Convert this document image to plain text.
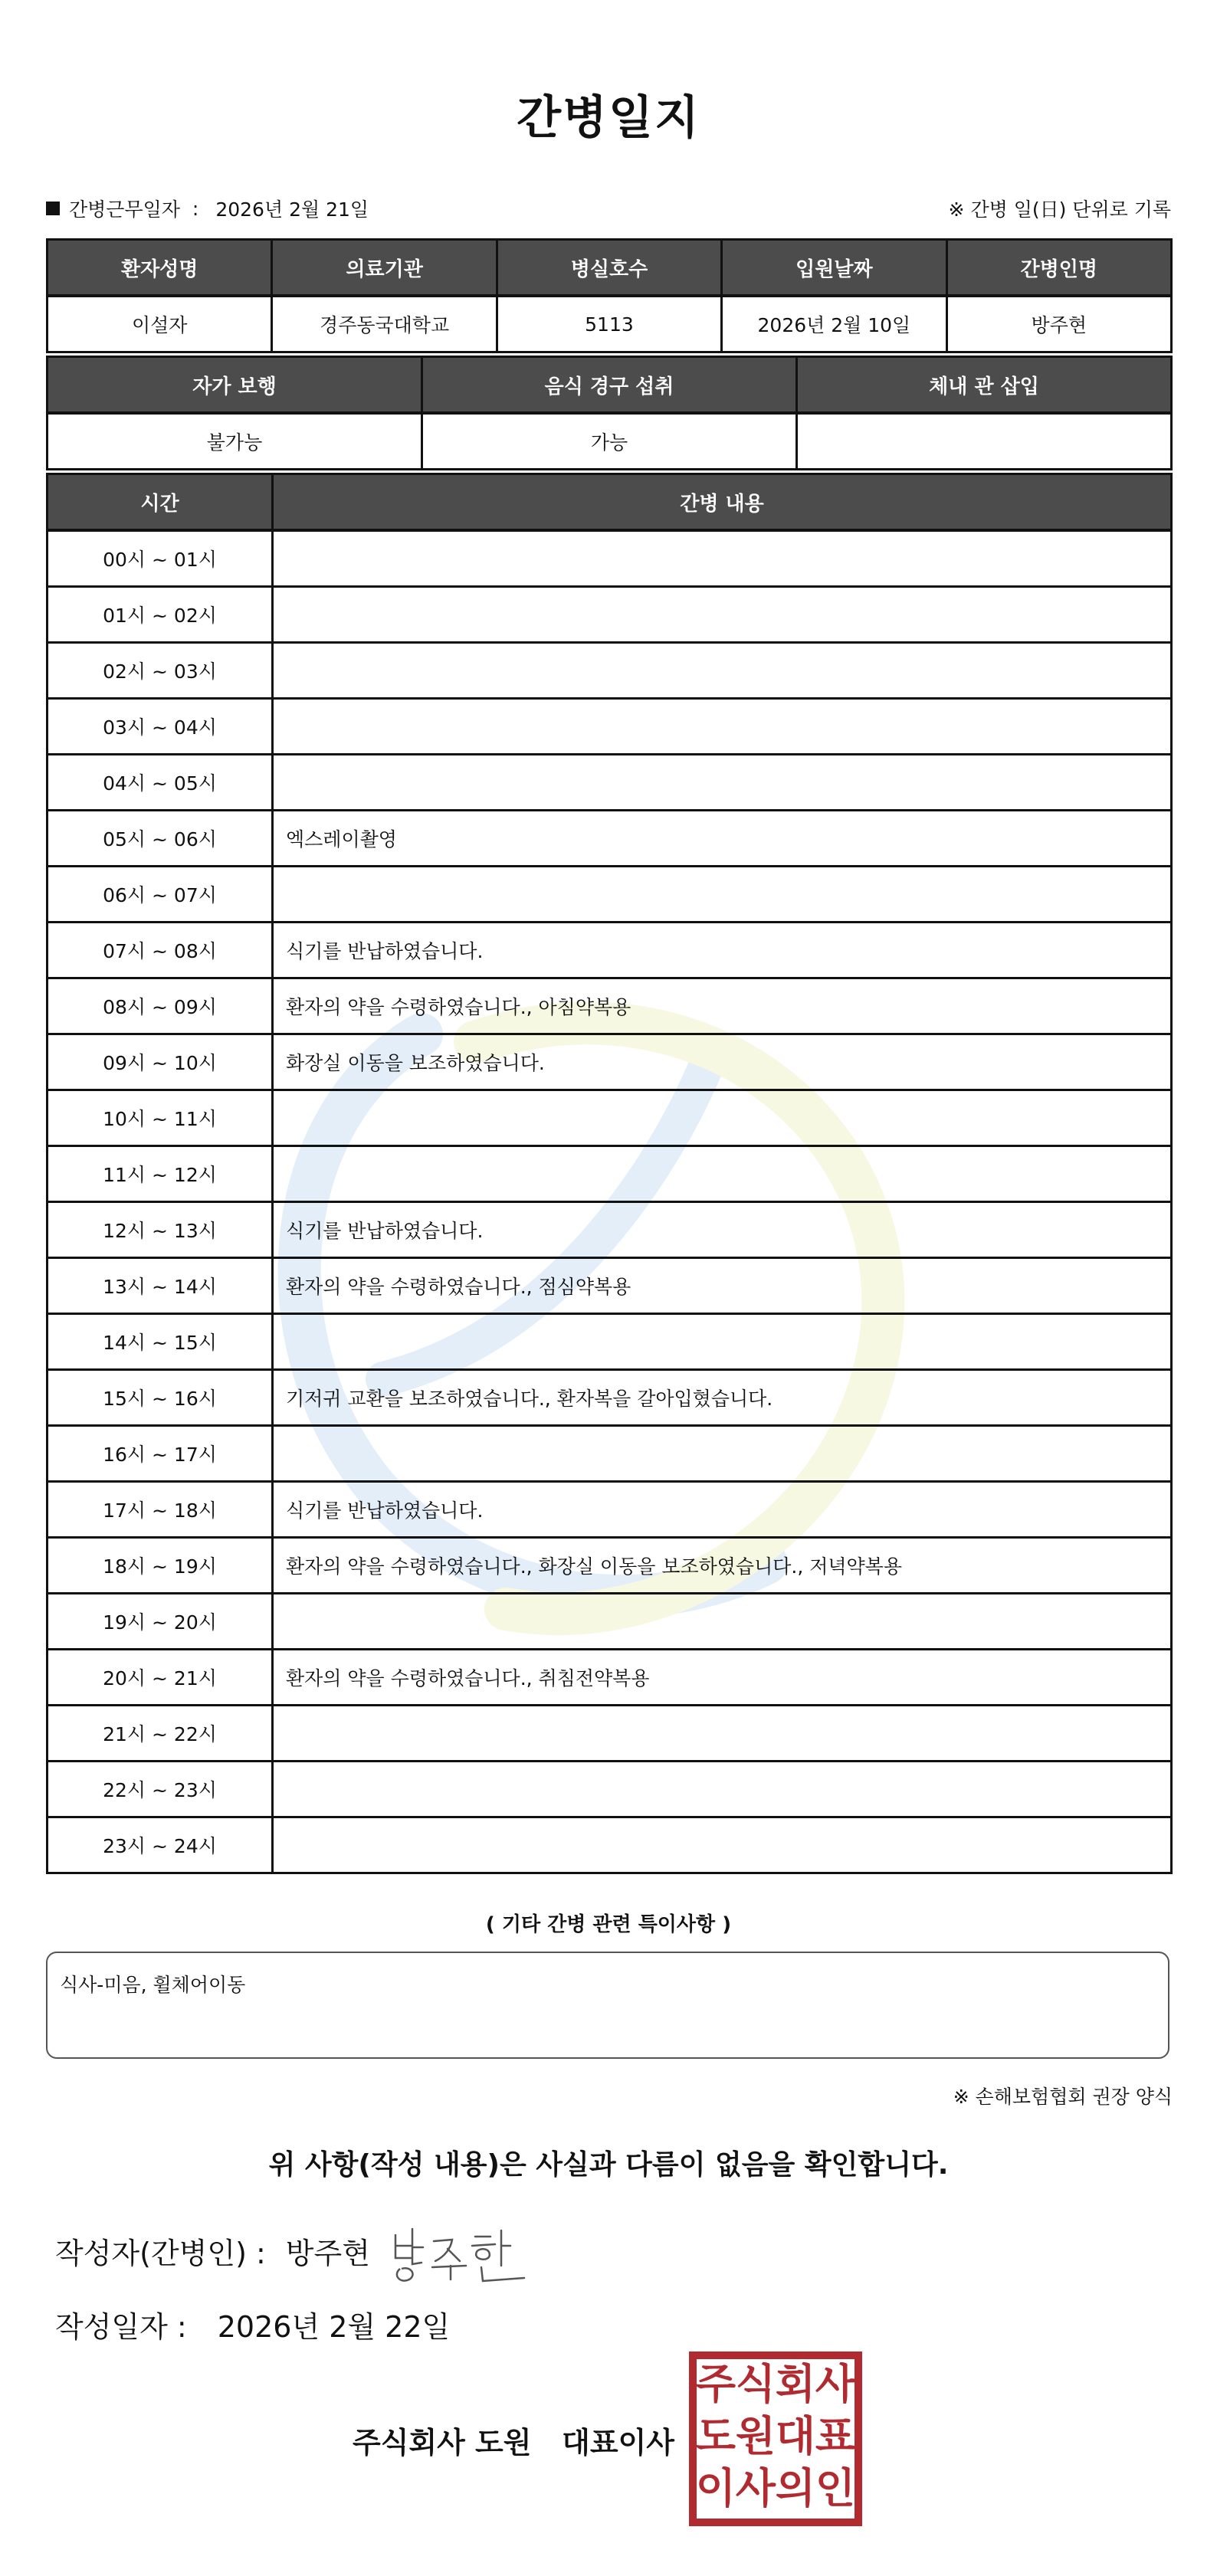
간병일지
간병근무일자 : 2026년 2월 21일	※ 간병 일(日) 단위로 기록
환자성명	의료기관	병실호수	입원날짜	간병인명
이설자	경주동국대학교	5113	2026년 2월 10일	방주현
자가 보행	음식 경구 섭취	체내 관 삽입
불가능	가능	
시간	간병 내용
00시 ~ 01시	
01시 ~ 02시	
02시 ~ 03시	
03시 ~ 04시	
04시 ~ 05시	
05시 ~ 06시	엑스레이촬영
06시 ~ 07시	
07시 ~ 08시	식기를 반납하였습니다.
08시 ~ 09시	환자의 약을 수령하였습니다., 아침약복용
09시 ~ 10시	화장실 이동을 보조하였습니다.
10시 ~ 11시	
11시 ~ 12시	
12시 ~ 13시	식기를 반납하였습니다.
13시 ~ 14시	환자의 약을 수령하였습니다., 점심약복용
14시 ~ 15시	
15시 ~ 16시	기저귀 교환을 보조하였습니다., 환자복을 갈아입혔습니다.
16시 ~ 17시	
17시 ~ 18시	식기를 반납하였습니다.
18시 ~ 19시	환자의 약을 수령하였습니다., 화장실 이동을 보조하였습니다., 저녁약복용
19시 ~ 20시	
20시 ~ 21시	환자의 약을 수령하였습니다., 취침전약복용
21시 ~ 22시	
22시 ~ 23시	
23시 ~ 24시	
( 기타 간병 관련 특이사항 )
식사-미음, 휠체어이동
※ 손해보험협회 권장 양식
위 사항(작성 내용)은 사실과 다름이 없음을 확인합니다.
작성자(간병인) : 방주현
작성일자 : 2026년 2월 22일
주식회사 도원   대표이사
주 식 회 사
도 원 대 표
이 사 의 인
